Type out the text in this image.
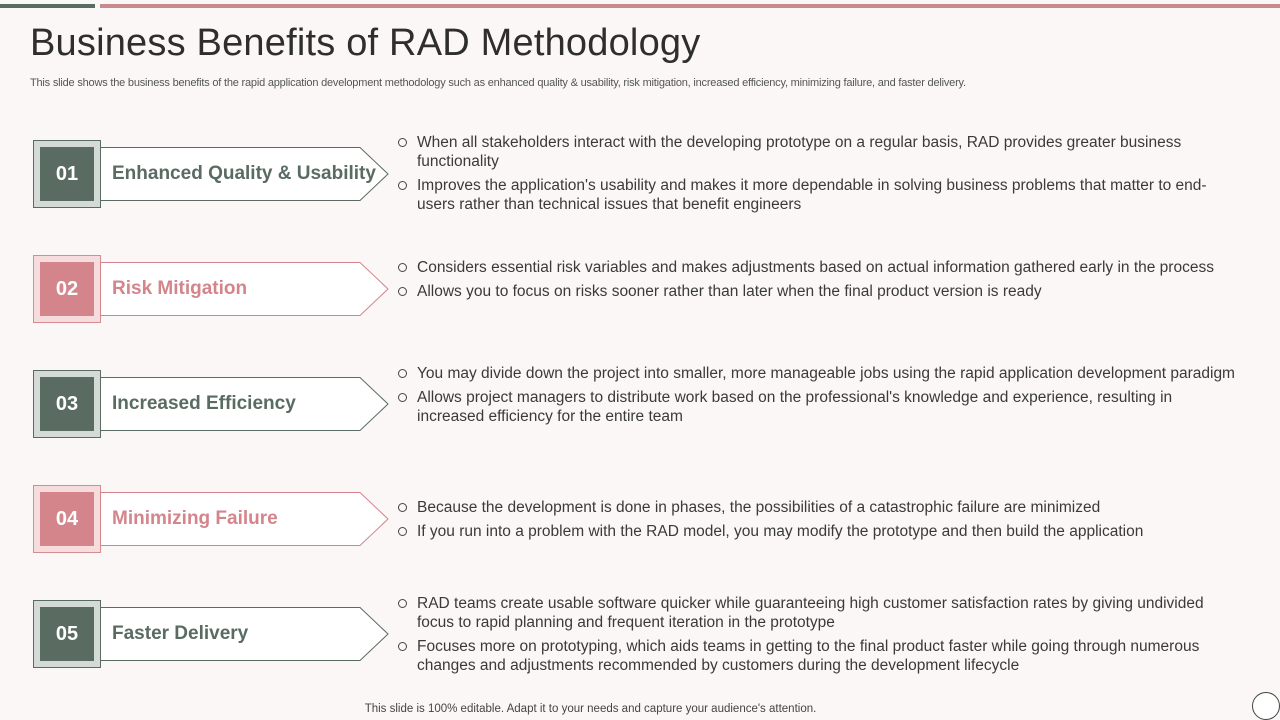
Business Benefits of RAD Methodology

This slide shows the business benefits of the rapid application development methodology such as enhanced quality & usability, risk mitigation, increased efficiency, minimizing failure, and faster delivery.

01	Enhanced Quality & Usability
When all stakeholders interact with the developing prototype on a regular basis, RAD provides greater business functionality
Improves the application's usability and makes it more dependable in solving business problems that matter to end-users rather than technical issues that benefit engineers
02	Risk Mitigation
Considers essential risk variables and makes adjustments based on actual information gathered early in the process
Allows you to focus on risks sooner rather than later when the final product version is ready
03	Increased Efficiency
You may divide down the project into smaller, more manageable jobs using the rapid application development paradigm
Allows project managers to distribute work based on the professional's knowledge and experience, resulting in increased efficiency for the entire team
04	Minimizing Failure
Because the development is done in phases, the possibilities of a catastrophic failure are minimized
If you run into a problem with the RAD model, you may modify the prototype and then build the application
05	Faster Delivery
RAD teams create usable software quicker while guaranteeing high customer satisfaction rates by giving undivided focus to rapid planning and frequent iteration in the prototype
Focuses more on prototyping, which aids teams in getting to the final product faster while going through numerous changes and adjustments recommended by customers during the development lifecycle
This slide is 100% editable. Adapt it to your needs and capture your audience's attention.
